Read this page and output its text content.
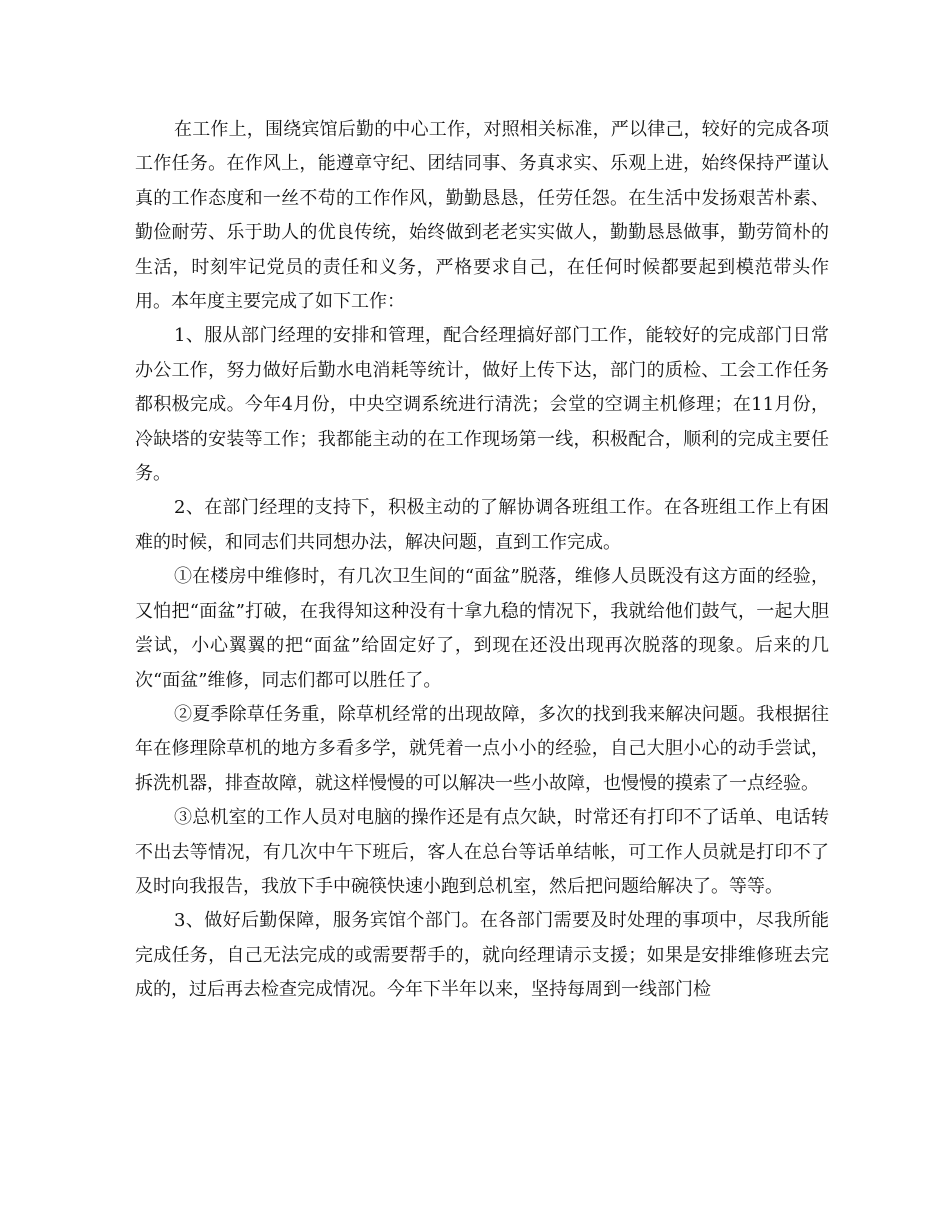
在工作上，围绕宾馆后勤的中心工作，对照相关标准，严以律己，较好的完成各项工作任务。在作风上，能遵章守纪、团结同事、务真求实、乐观上进，始终保持严谨认真的工作态度和一丝不苟的工作作风，勤勤恳恳，任劳任怨。在生活中发扬艰苦朴素、勤俭耐劳、乐于助人的优良传统，始终做到老老实实做人，勤勤恳恳做事，勤劳简朴的生活，时刻牢记党员的责任和义务，严格要求自己，在任何时候都要起到模范带头作用。本年度主要完成了如下工作：

1、服从部门经理的安排和管理，配合经理搞好部门工作，能较好的完成部门日常办公工作，努力做好后勤水电消耗等统计，做好上传下达，部门的质检、工会工作任务都积极完成。今年4月份，中央空调系统进行清洗；会堂的空调主机修理；在11月份，冷缺塔的安装等工作；我都能主动的在工作现场第一线，积极配合，顺利的完成主要任务。

2、在部门经理的支持下，积极主动的了解协调各班组工作。在各班组工作上有困难的时候，和同志们共同想办法，解决问题，直到工作完成。

①在楼房中维修时，有几次卫生间的“面盆”脱落，维修人员既没有这方面的经验，又怕把“面盆”打破，在我得知这种没有十拿九稳的情况下，我就给他们鼓气，一起大胆尝试，小心翼翼的把“面盆”给固定好了，到现在还没出现再次脱落的现象。后来的几次“面盆”维修，同志们都可以胜任了。

②夏季除草任务重，除草机经常的出现故障，多次的找到我来解决问题。我根据往年在修理除草机的地方多看多学，就凭着一点小小的经验，自己大胆小心的动手尝试，拆洗机器，排查故障，就这样慢慢的可以解决一些小故障，也慢慢的摸索了一点经验。

③总机室的工作人员对电脑的操作还是有点欠缺，时常还有打印不了话单、电话转不出去等情况，有几次中午下班后，客人在总台等话单结帐，可工作人员就是打印不了及时向我报告，我放下手中碗筷快速小跑到总机室，然后把问题给解决了。等等。

3、做好后勤保障，服务宾馆个部门。在各部门需要及时处理的事项中，尽我所能完成任务，自己无法完成的或需要帮手的，就向经理请示支援；如果是安排维修班去完成的，过后再去检查完成情况。今年下半年以来，坚持每周到一线部门检
